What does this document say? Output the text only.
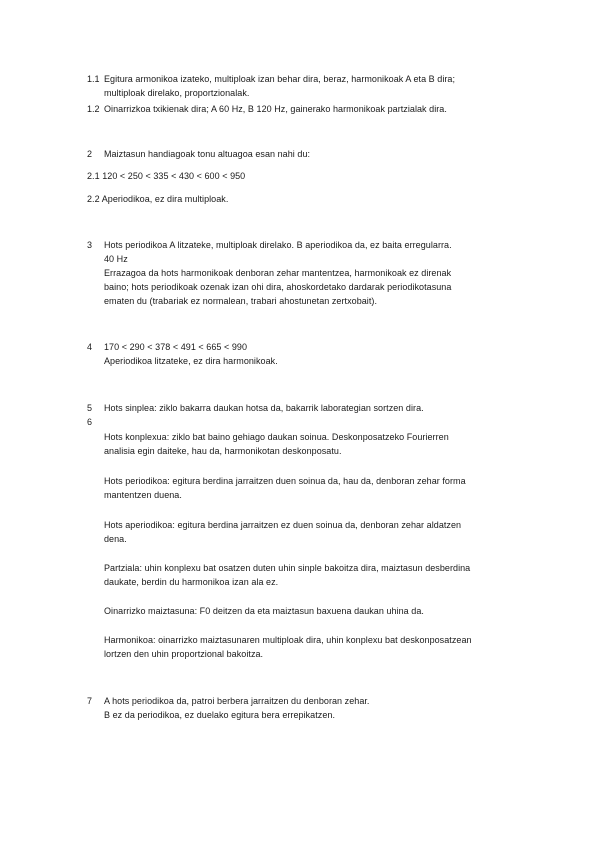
1.1 Egitura armonikoa izateko, multiploak izan behar dira, beraz, harmonikoak A eta B dira;
multiploak direlako, proportzionalak.
1.2 Oinarrizkoa txikienak dira; A 60 Hz, B 120 Hz, gainerako harmonikoak partzialak dira.
2 Maiztasun handiagoak tonu altuagoa esan nahi du:
2.1 120 < 250 < 335 < 430 < 600 < 950
2.2 Aperiodikoa, ez dira multiploak.
3 Hots periodikoa A litzateke, multiploak direlako. B aperiodikoa da, ez baita erregularra.
40 Hz
Errazagoa da hots harmonikoak denboran zehar mantentzea, harmonikoak ez direnak
baino; hots periodikoak ozenak izan ohi dira, ahoskordetako dardarak periodikotasuna
ematen du (trabariak ez normalean, trabari ahostunetan zertxobait).
4 170 < 290 < 378 < 491 < 665 < 990
Aperiodikoa litzateke, ez dira harmonikoak.
5 Hots sinplea: ziklo bakarra daukan hotsa da, bakarrik laborategian sortzen dira.
6
Hots konplexua: ziklo bat baino gehiago daukan soinua. Deskonposatzeko Fourierren
analisia egin daiteke, hau da, harmonikotan deskonposatu.
Hots periodikoa: egitura berdina jarraitzen duen soinua da, hau da, denboran zehar forma
mantentzen duena.
Hots aperiodikoa: egitura berdina jarraitzen ez duen soinua da, denboran zehar aldatzen
dena.
Partziala: uhin konplexu bat osatzen duten uhin sinple bakoitza dira, maiztasun desberdina
daukate, berdin du harmonikoa izan ala ez.
Oinarrizko maiztasuna: F0 deitzen da eta maiztasun baxuena daukan uhina da.
Harmonikoa: oinarrizko maiztasunaren multiploak dira, uhin konplexu bat deskonposatzean
lortzen den uhin proportzional bakoitza.
7 A hots periodikoa da, patroi berbera jarraitzen du denboran zehar.
B ez da periodikoa, ez duelako egitura bera errepikatzen.
